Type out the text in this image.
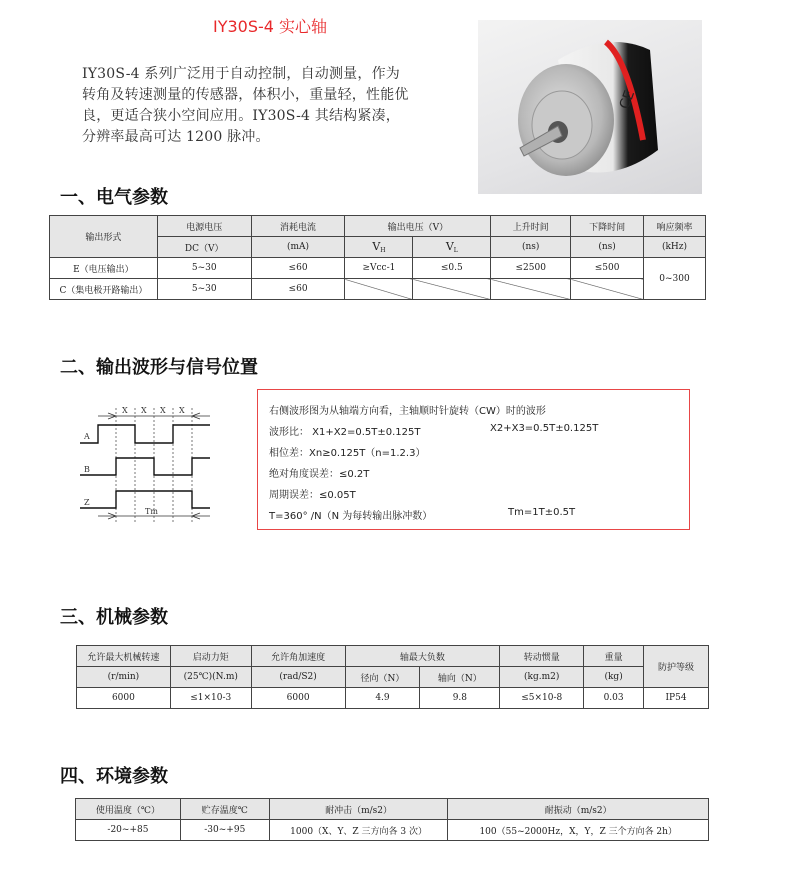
IY30S-4 实心轴
IY30S-4 系列广泛用于自动控制，自动测量，作为转角及转速测量的传感器，体积小，重量轻，性能优良，更适合狭小空间应用。IY30S-4 其结构紧凑，分辨率最高可达 1200 脉冲。
CE
一、电气参数
输出形式	电源电压	消耗电流	输出电压（V）		上升时间	下降时间	响应频率
	DC（V）	(mA)	$V_H$	$V_L$	(ns)	(ns)	(kHz)
E（电压输出）	5~30	≤60	≥Vcc-1	≤0.5	≤2500	≤500	0~300
C（集电极开路输出）	5~30	≤60					
二、输出波形与信号位置
X X X X
A
B
Z
Tm
右侧波形图为从轴端方向看，主轴顺时针旋转（CW）时的波形
波形比： X1+X2=0.5T±0.125T	X2+X3=0.5T±0.125T
相位差：Xn≥0.125T（n=1.2.3）
绝对角度误差：≤0.2T
周期误差：≤0.05T
T=360° /N（N 为每转输出脉冲数）	Tm=1T±0.5T
三、机械参数
允许最大机械转速	启动力矩	允许角加速度	轴最大负数		转动惯量	重量	防护等级
(r/min)	(25℃)(N.m)	(rad/S2)	径向（N）	轴向（N）	(kg.m2)	(kg)	
6000	≤1×10-3	6000	4.9	9.8	≤5×10-8	0.03	IP54
四、环境参数
使用温度（℃）	贮存温度℃	耐冲击（m/s2）	耐振动（m/s2）
-20~+85	-30~+95	1000（X、Y、Z 三方向各 3 次）	100（55~2000Hz，X，Y，Z 三个方向各 2h）
